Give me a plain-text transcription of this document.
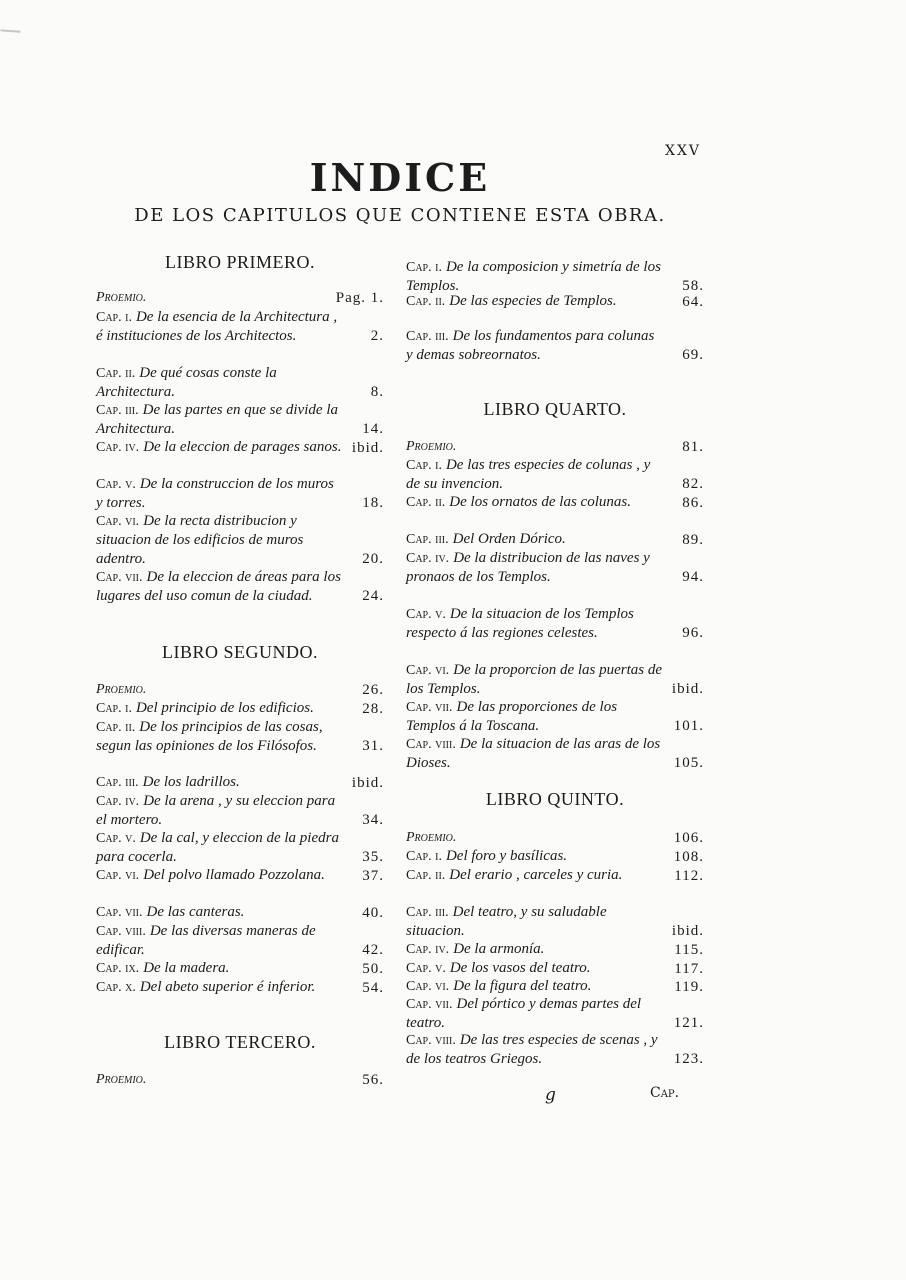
XXV
INDICE
DE LOS CAPITULOS QUE CONTIENE ESTA OBRA.
LIBRO PRIMERO.
Proemio.	Pag. 1.
Cap. i. De la esencia de la Architectura , é instituciones de los Architectos.	2.
Cap. ii. De qué cosas conste la Architectura.	8.
Cap. iii. De las partes en que se divide la Architectura.	14.
Cap. iv. De la eleccion de parages sanos. ibid.
Cap. v. De la construccion de los muros y torres.	18.
Cap. vi. De la recta distribucion y situacion de los edificios de muros adentro.	20.
Cap. vii. De la eleccion de áreas para los lugares del uso comun de la ciudad.	24.
LIBRO SEGUNDO.
Proemio.	26.
Cap. i. Del principio de los edificios.	28.
Cap. ii. De los principios de las cosas, segun las opiniones de los Filósofos.	31.
Cap. iii. De los ladrillos.	ibid.
Cap. iv. De la arena , y su eleccion para el mortero.	34.
Cap. v. De la cal, y eleccion de la piedra para cocerla.	35.
Cap. vi. Del polvo llamado Pozzolana.	37.
Cap. vii. De las canteras.	40.
Cap. viii. De las diversas maneras de edificar.	42.
Cap. ix. De la madera.	50.
Cap. x. Del abeto superior é inferior.	54.
LIBRO TERCERO.
Proemio.	56.
Cap. i. De la composicion y simetría de los Templos.	58.
Cap. ii. De las especies de Templos.	64.
Cap. iii. De los fundamentos para colunas y demas sobreornatos.	69.
LIBRO QUARTO.
Proemio.	81.
Cap. i. De las tres especies de colunas , y de su invencion.	82.
Cap. ii. De los ornatos de las colunas.	86.
Cap. iii. Del Orden Dórico.	89.
Cap. iv. De la distribucion de las naves y pronaos de los Templos.	94.
Cap. v. De la situacion de los Templos respecto á las regiones celestes.	96.
Cap. vi. De la proporcion de las puertas de los Templos.	ibid.
Cap. vii. De las proporciones de los Templos á la Toscana.	101.
Cap. viii. De la situacion de las aras de los Dioses.	105.
LIBRO QUINTO.
Proemio.	106.
Cap. i. Del foro y basílicas.	108.
Cap. ii. Del erario , carceles y curia.	112.
Cap. iii. Del teatro, y su saludable situacion.	ibid.
Cap. iv. De la armonía.	115.
Cap. v. De los vasos del teatro.	117.
Cap. vi. De la figura del teatro.	119.
Cap. vii. Del pórtico y demas partes del teatro.	121.
Cap. viii. De las tres especies de scenas , y de los teatros Griegos.	123.
g	Cap.
